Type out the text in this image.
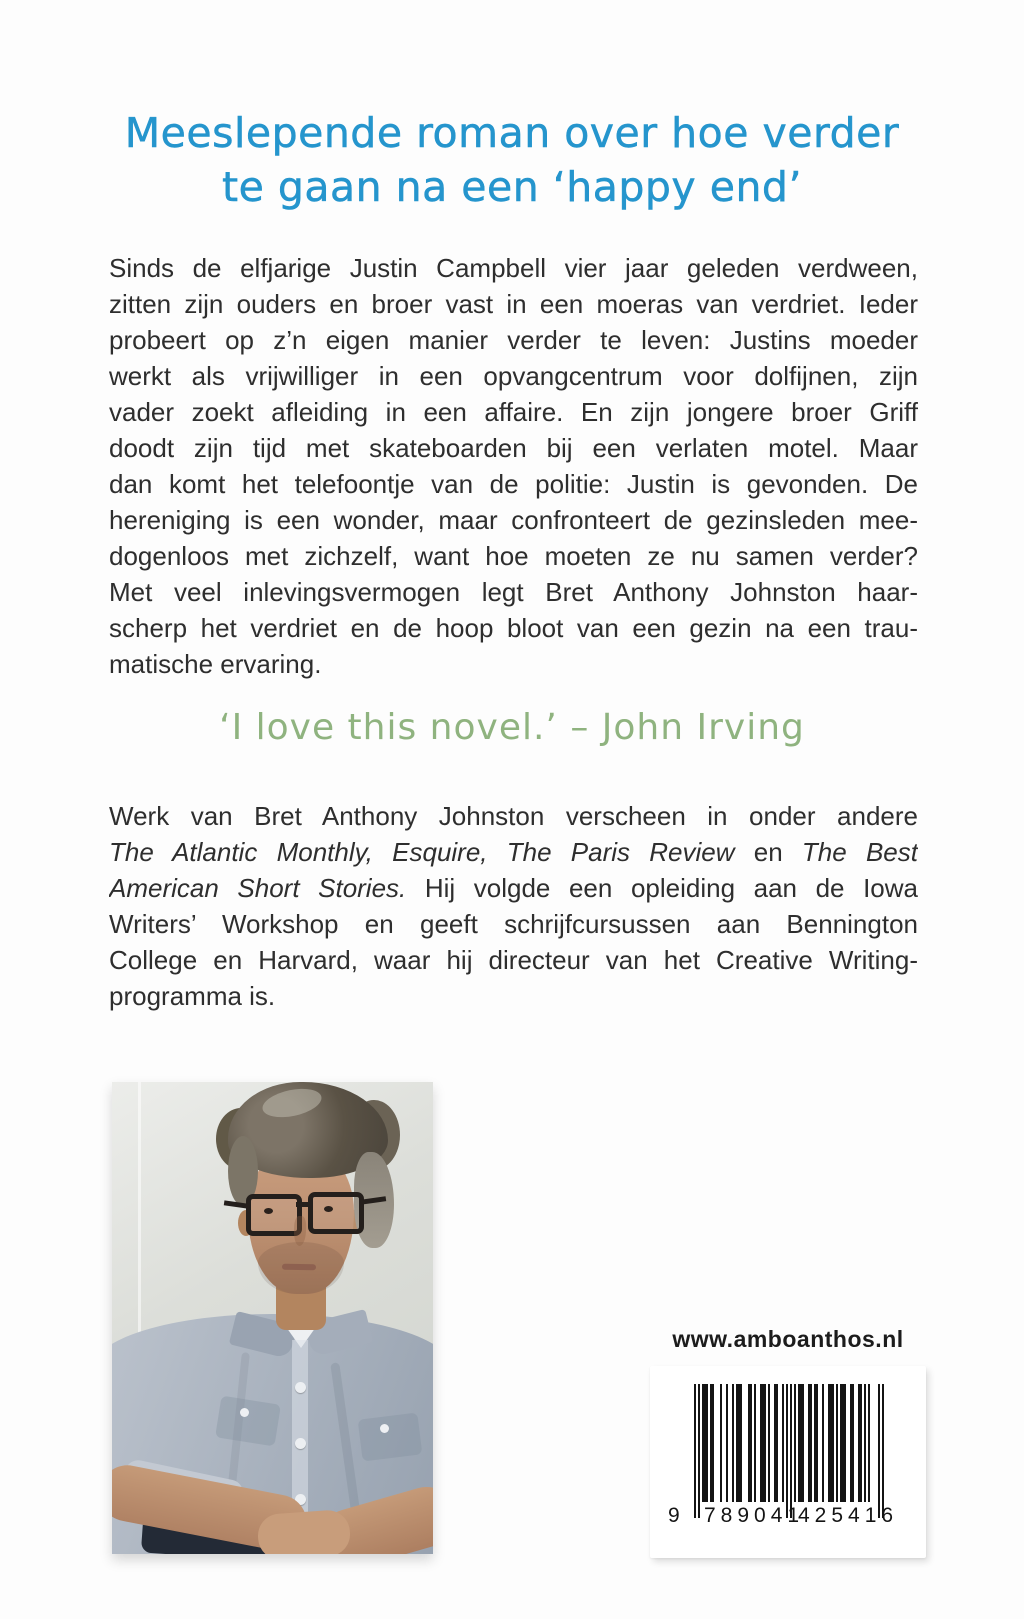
Meeslepende roman over hoe verder
te gaan na een ‘happy end’
Sinds de elfjarige Justin Campbell vier jaar geleden verdween,
zitten zijn ouders en broer vast in een moeras van verdriet. Ieder
probeert op z’n eigen manier verder te leven: Justins moeder
werkt als vrijwilliger in een opvangcentrum voor dolfijnen, zijn
vader zoekt afleiding in een affaire. En zijn jongere broer Griff
doodt zijn tijd met skateboarden bij een verlaten motel. Maar
dan komt het telefoontje van de politie: Justin is gevonden. De
hereniging is een wonder, maar confronteert de gezinsleden mee-
dogenloos met zichzelf, want hoe moeten ze nu samen verder?
Met veel inlevingsvermogen legt Bret Anthony Johnston haar-
scherp het verdriet en de hoop bloot van een gezin na een trau-
matische ervaring.
‘I love this novel.’ – John Irving
Werk van Bret Anthony Johnston verscheen in onder andere
The Atlantic Monthly, Esquire, The Paris Review en The Best
American Short Stories. Hij volgde een opleiding aan de Iowa
Writers’ Workshop en geeft schrijfcursussen aan Bennington
College en Harvard, waar hij directeur van het Creative Writing-
programma is.
www.amboanthos.nl
9 789041
425416
